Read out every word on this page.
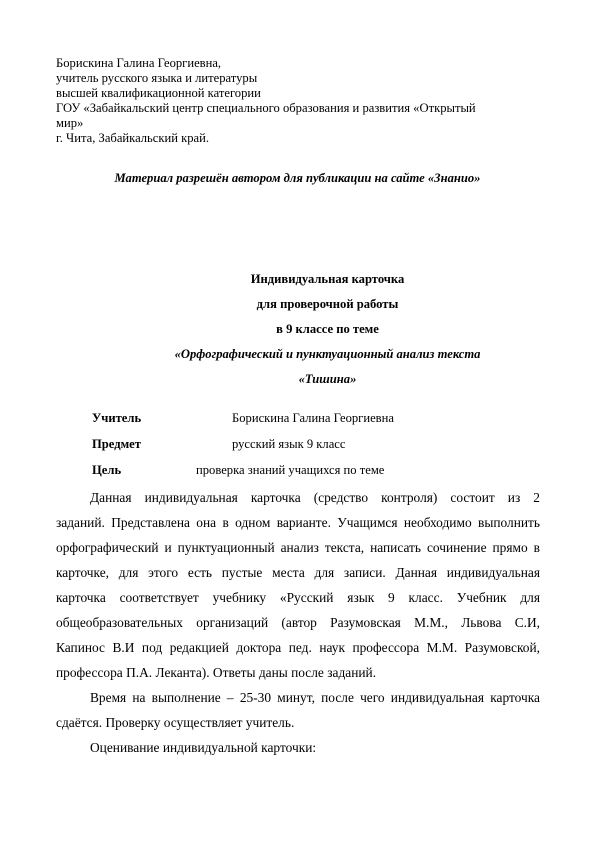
Борискина Галина Георгиевна,
учитель русского языка и литературы
высшей квалификационной категории
ГОУ «Забайкальский центр специального образования и развития «Открытый
мир»
г. Чита, Забайкальский край.
Материал разрешён автором для публикации на сайте «Знанио»
Индивидуальная карточка
для проверочной работы
в 9 классе по теме
«Орфографический и пунктуационный анализ текста
«Тишина»
Учитель	Борискина Галина Георгиевна
Предмет	русский язык 9 класс
Цель	проверка знаний учащихся по теме
Данная индивидуальная карточка (средство контроля) состоит из 2
заданий. Представлена она в одном варианте. Учащимся необходимо выполнить
орфографический и пунктуационный анализ текста, написать сочинение прямо в
карточке, для этого есть пустые места для записи. Данная индивидуальная
карточка соответствует учебнику «Русский язык 9 класс. Учебник для
общеобразовательных организаций (автор Разумовская М.М., Львова С.И,
Капинос В.И под редакцией доктора пед. наук профессора М.М. Разумовской,
профессора П.А. Леканта). Ответы даны после заданий.
Время на выполнение – 25-30 минут, после чего индивидуальная карточка
сдаётся. Проверку осуществляет учитель.
Оценивание индивидуальной карточки:
